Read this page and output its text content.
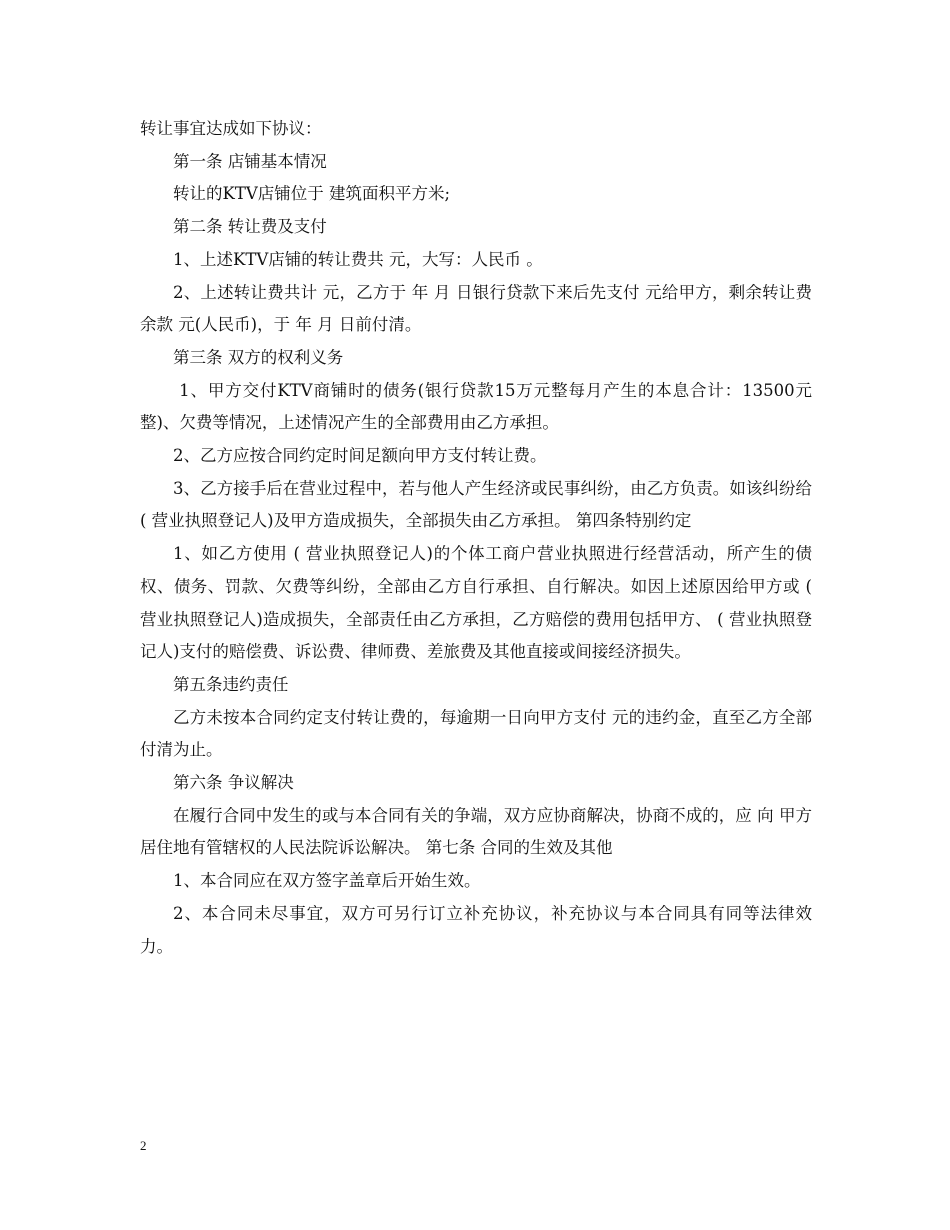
转让事宜达成如下协议：

第一条 店铺基本情况

转让的KTV店铺位于 建筑面积平方米;

第二条 转让费及支付

1、上述KTV店铺的转让费共 元，大写：人民币 。

2、上述转让费共计 元，乙方于 年 月 日银行贷款下来后先支付 元给甲方，剩余转让费余款 元(人民币)，于 年 月 日前付清。

第三条 双方的权利义务

1、甲方交付KTV商铺时的债务(银行贷款15万元整每月产生的本息合计：13500元整)、欠费等情况，上述情况产生的全部费用由乙方承担。

2、乙方应按合同约定时间足额向甲方支付转让费。

3、乙方接手后在营业过程中，若与他人产生经济或民事纠纷，由乙方负责。如该纠纷给( 营业执照登记人)及甲方造成损失，全部损失由乙方承担。 第四条特别约定

1、如乙方使用 ( 营业执照登记人)的个体工商户营业执照进行经营活动，所产生的债权、债务、罚款、欠费等纠纷，全部由乙方自行承担、自行解决。如因上述原因给甲方或 ( 营业执照登记人)造成损失，全部责任由乙方承担，乙方赔偿的费用包括甲方、 ( 营业执照登记人)支付的赔偿费、诉讼费、律师费、差旅费及其他直接或间接经济损失。

第五条违约责任

乙方未按本合同约定支付转让费的，每逾期一日向甲方支付 元的违约金，直至乙方全部 付清为止。

第六条 争议解决

在履行合同中发生的或与本合同有关的争端，双方应协商解决，协商不成的，应 向 甲方居住地有管辖权的人民法院诉讼解决。 第七条 合同的生效及其他

1、本合同应在双方签字盖章后开始生效。

2、本合同未尽事宜，双方可另行订立补充协议，补充协议与本合同具有同等法律效 力。

2
